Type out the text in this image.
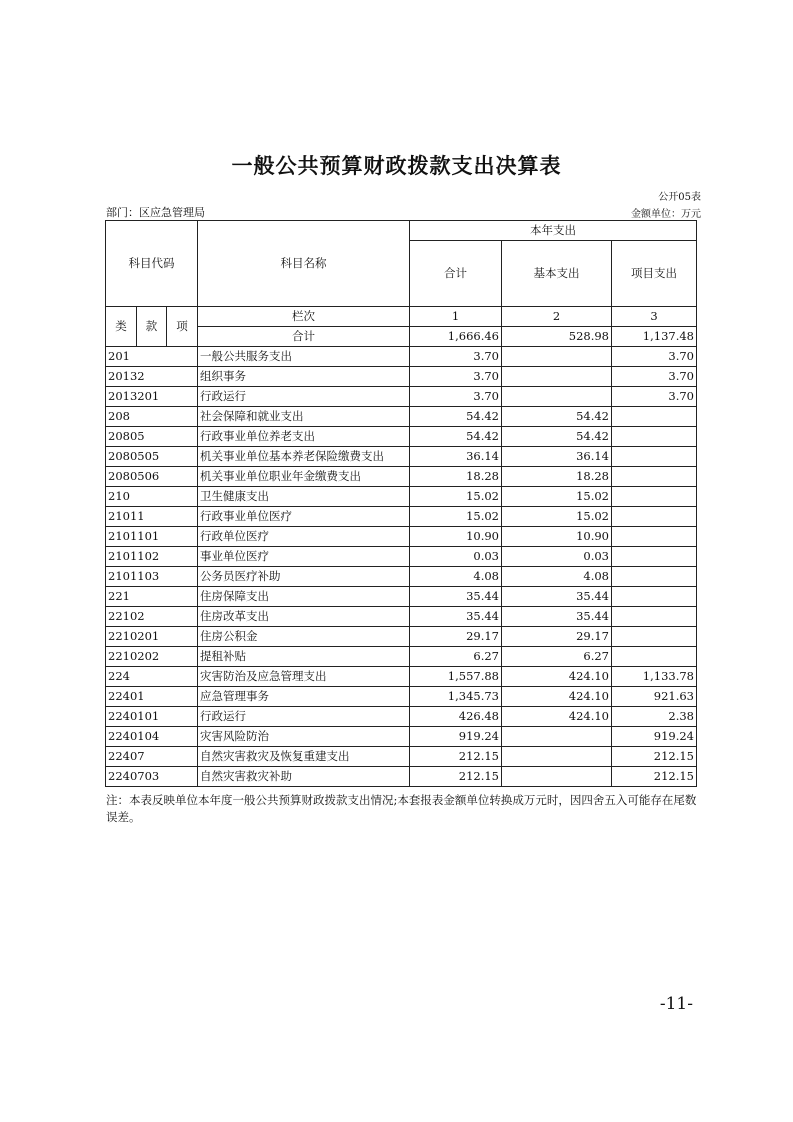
一般公共预算财政拨款支出决算表
公开05表
部门：区应急管理局	金额单位：万元
科目代码			科目名称	本年支出		
				合计	基本支出	项目支出
类	款	项	栏次	1	2	3
			合计	1,666.46	528.98	1,137.48
201			一般公共服务支出	3.70		3.70
20132			组织事务	3.70		3.70
2013201			行政运行	3.70		3.70
208			社会保障和就业支出	54.42	54.42	
20805			行政事业单位养老支出	54.42	54.42	
2080505			机关事业单位基本养老保险缴费支出	36.14	36.14	
2080506			机关事业单位职业年金缴费支出	18.28	18.28	
210			卫生健康支出	15.02	15.02	
21011			行政事业单位医疗	15.02	15.02	
2101101			行政单位医疗	10.90	10.90	
2101102			事业单位医疗	0.03	0.03	
2101103			公务员医疗补助	4.08	4.08	
221			住房保障支出	35.44	35.44	
22102			住房改革支出	35.44	35.44	
2210201			住房公积金	29.17	29.17	
2210202			提租补贴	6.27	6.27	
224			灾害防治及应急管理支出	1,557.88	424.10	1,133.78
22401			应急管理事务	1,345.73	424.10	921.63
2240101			行政运行	426.48	424.10	2.38
2240104			灾害风险防治	919.24		919.24
22407			自然灾害救灾及恢复重建支出	212.15		212.15
2240703			自然灾害救灾补助	212.15		212.15
注：本表反映单位本年度一般公共预算财政拨款支出情况;本套报表金额单位转换成万元时，因四舍五入可能存在尾数误差。
-11-
